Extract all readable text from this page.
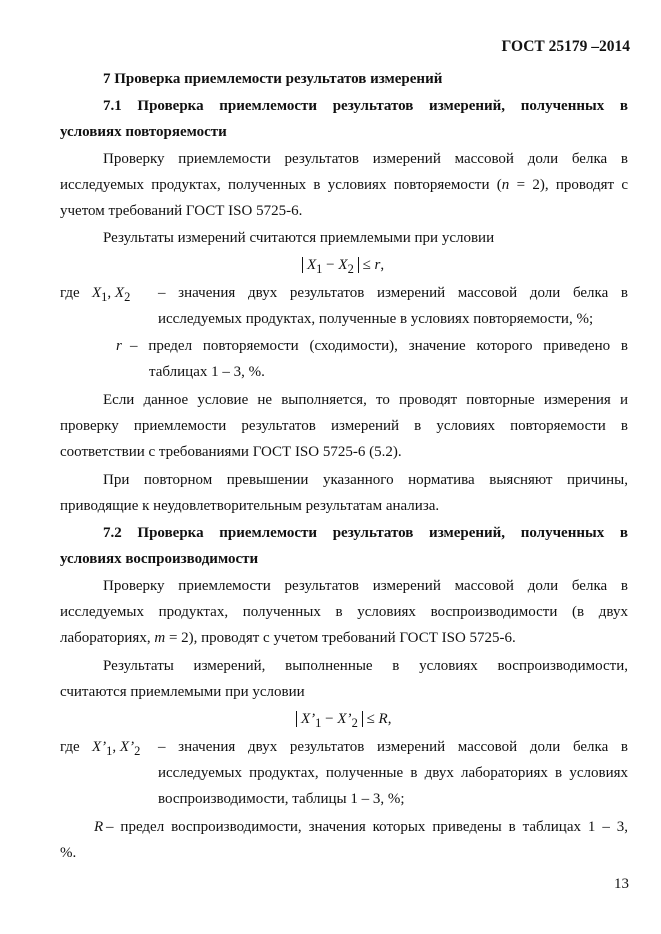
ГОСТ 25179 –2014
7 Проверка приемлемости результатов измерений
7.1 Проверка приемлемости результатов измерений, полученных в
условиях повторяемости
Проверку приемлемости результатов измерений массовой доли белка в
исследуемых продуктах, полученных в условиях повторяемости (n = 2), проводят с
учетом требований ГОСТ ISO 5725-6.
Результаты измерений считаются приемлемыми при условии
$X_1 - X_2 \le r$,
где $X_1$, $X_2$ – значения двух результатов измерений массовой доли белка в
исследуемых продуктах, полученные в условиях повторяемости, %;
r – предел повторяемости (сходимости), значение которого приведено в
таблицах 1 – 3, %.
Если данное условие не выполняется, то проводят повторные измерения и
проверку приемлемости результатов измерений в условиях повторяемости в
соответствии с требованиями ГОСТ ISO 5725-6 (5.2).
При повторном превышении указанного норматива выясняют причины,
приводящие к неудовлетворительным результатам анализа.
7.2 Проверка приемлемости результатов измерений, полученных в
условиях воспроизводимости
Проверку приемлемости результатов измерений массовой доли белка в
исследуемых продуктах, полученных в условиях воспроизводимости (в двух
лабораториях, m = 2), проводят с учетом требований ГОСТ ISO 5725-6.
Результаты измерений, выполненные в условиях воспроизводимости,
считаются приемлемыми при условии
$X’_1$ − $X’_2 \le R$,
где $X’_1$, $X’_2$ – значения двух результатов измерений массовой доли белка в
исследуемых продуктах, полученные в двух лабораториях в условиях
воспроизводимости, таблицы 1 – 3, %;
R – предел воспроизводимости, значения которых приведены в таблицах 1 – 3,
%.
13
